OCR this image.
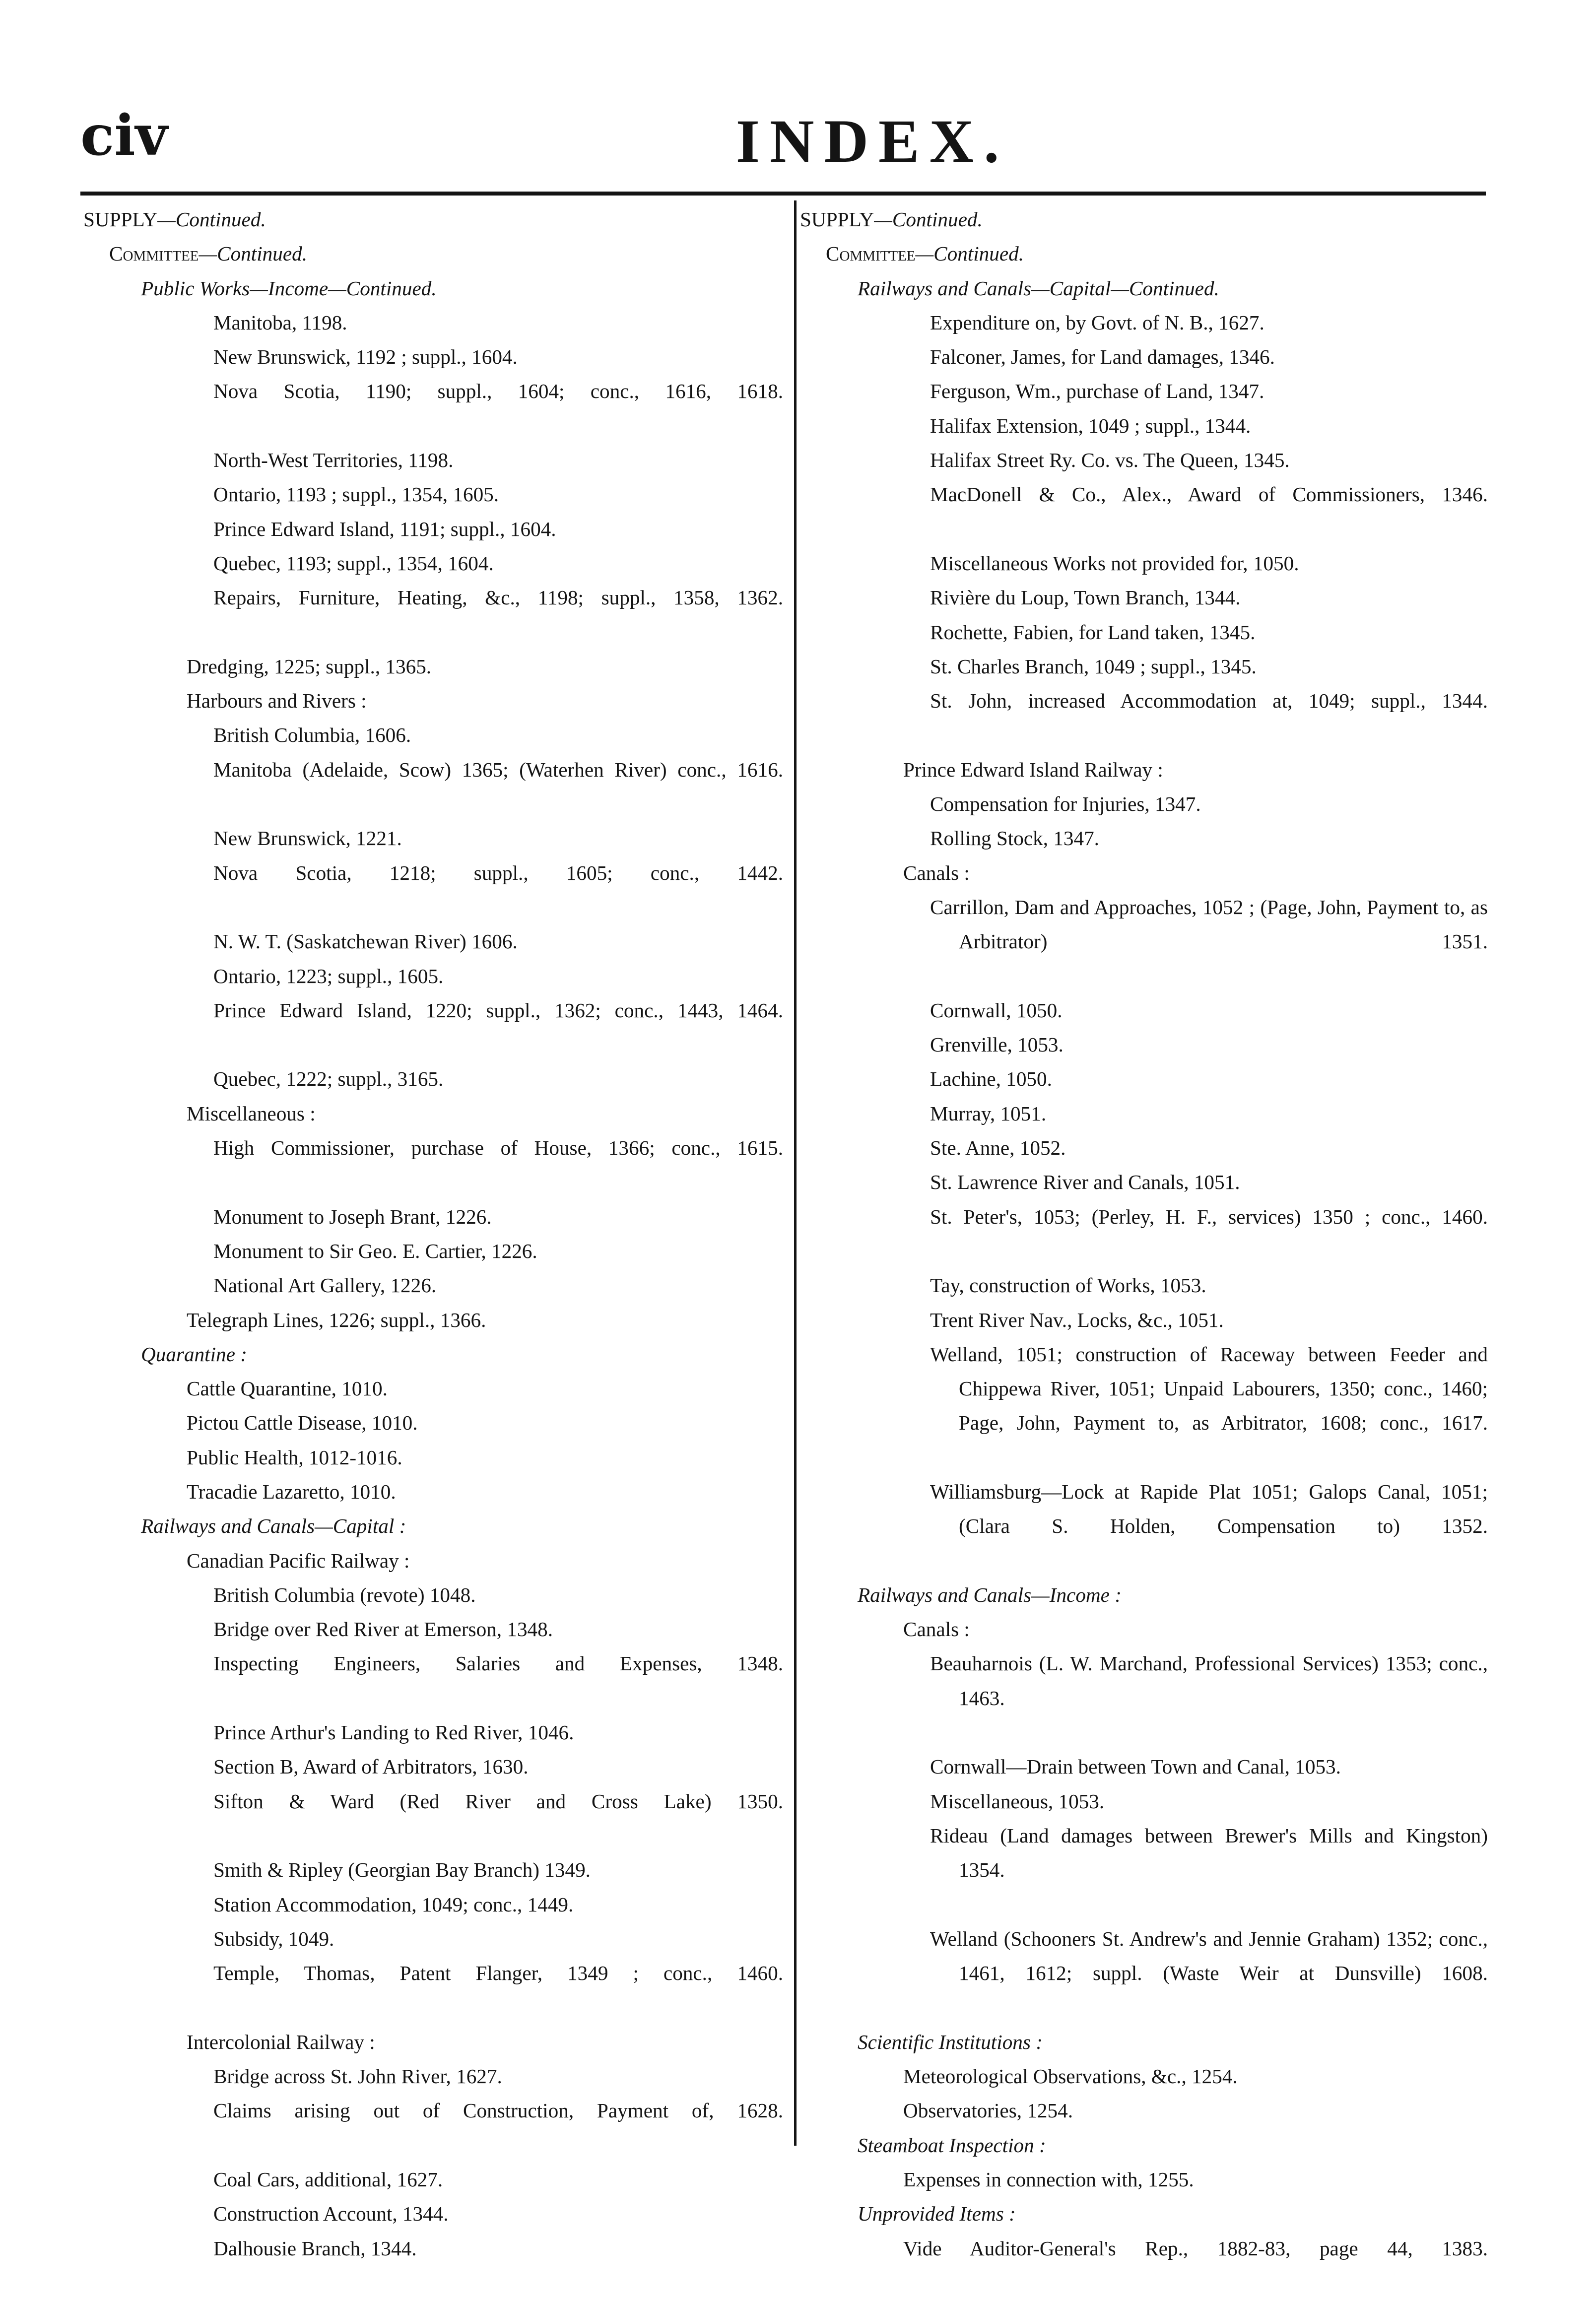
civ	INDEX.
SUPPLY—Continued.
Committee—Continued.
Public Works—Income—Continued.
Manitoba, 1198.
New Brunswick, 1192 ; suppl., 1604.
Nova Scotia, 1190; suppl., 1604; conc., 1616, 1618.
North-West Territories, 1198.
Ontario, 1193 ; suppl., 1354, 1605.
Prince Edward Island, 1191; suppl., 1604.
Quebec, 1193; suppl., 1354, 1604.
Repairs, Furniture, Heating, &c., 1198; suppl., 1358, 1362.
Dredging, 1225; suppl., 1365.
Harbours and Rivers :
British Columbia, 1606.
Manitoba (Adelaide, Scow) 1365; (Waterhen River) conc., 1616.
New Brunswick, 1221.
Nova Scotia, 1218; suppl., 1605; conc., 1442.
N. W. T. (Saskatchewan River) 1606.
Ontario, 1223; suppl., 1605.
Prince Edward Island, 1220; suppl., 1362; conc., 1443, 1464.
Quebec, 1222; suppl., 3165.
Miscellaneous :
High Commissioner, purchase of House, 1366; conc., 1615.
Monument to Joseph Brant, 1226.
Monument to Sir Geo. E. Cartier, 1226.
National Art Gallery, 1226.
Telegraph Lines, 1226; suppl., 1366.
Quarantine :
Cattle Quarantine, 1010.
Pictou Cattle Disease, 1010.
Public Health, 1012-1016.
Tracadie Lazaretto, 1010.
Railways and Canals—Capital :
Canadian Pacific Railway :
British Columbia (revote) 1048.
Bridge over Red River at Emerson, 1348.
Inspecting Engineers, Salaries and Expenses, 1348.
Prince Arthur's Landing to Red River, 1046.
Section B, Award of Arbitrators, 1630.
Sifton & Ward (Red River and Cross Lake) 1350.
Smith & Ripley (Georgian Bay Branch) 1349.
Station Accommodation, 1049; conc., 1449.
Subsidy, 1049.
Temple, Thomas, Patent Flanger, 1349 ; conc., 1460.
Intercolonial Railway :
Bridge across St. John River, 1627.
Claims arising out of Construction, Payment of, 1628.
Coal Cars, additional, 1627.
Construction Account, 1344.
Dalhousie Branch, 1344.
SUPPLY—Continued.
Committee—Continued.
Railways and Canals—Capital—Continued.
Expenditure on, by Govt. of N. B., 1627.
Falconer, James, for Land damages, 1346.
Ferguson, Wm., purchase of Land, 1347.
Halifax Extension, 1049 ; suppl., 1344.
Halifax Street Ry. Co. vs. The Queen, 1345.
MacDonell & Co., Alex., Award of Commissioners, 1346.
Miscellaneous Works not provided for, 1050.
Rivière du Loup, Town Branch, 1344.
Rochette, Fabien, for Land taken, 1345.
St. Charles Branch, 1049 ; suppl., 1345.
St. John, increased Accommodation at, 1049; suppl., 1344.
Prince Edward Island Railway :
Compensation for Injuries, 1347.
Rolling Stock, 1347.
Canals :
Carrillon, Dam and Approaches, 1052 ; (Page, John, Payment to, as Arbitrator) 1351.
Cornwall, 1050.
Grenville, 1053.
Lachine, 1050.
Murray, 1051.
Ste. Anne, 1052.
St. Lawrence River and Canals, 1051.
St. Peter's, 1053; (Perley, H. F., services) 1350 ; conc., 1460.
Tay, construction of Works, 1053.
Trent River Nav., Locks, &c., 1051.
Welland, 1051; construction of Raceway between Feeder and Chippewa River, 1051; Unpaid Labourers, 1350; conc., 1460; Page, John, Payment to, as Arbitrator, 1608; conc., 1617.
Williamsburg—Lock at Rapide Plat 1051; Galops Canal, 1051; (Clara S. Holden, Compensation to) 1352.
Railways and Canals—Income :
Canals :
Beauharnois (L. W. Marchand, Professional Services) 1353; conc., 1463.
Cornwall—Drain between Town and Canal, 1053.
Miscellaneous, 1053.
Rideau (Land damages between Brewer's Mills and Kingston) 1354.
Welland (Schooners St. Andrew's and Jennie Graham) 1352; conc., 1461, 1612; suppl. (Waste Weir at Dunsville) 1608.
Scientific Institutions :
Meteorological Observations, &c., 1254.
Observatories, 1254.
Steamboat Inspection :
Expenses in connection with, 1255.
Unprovided Items :
Vide Auditor-General's Rep., 1882-83, page 44, 1383.
